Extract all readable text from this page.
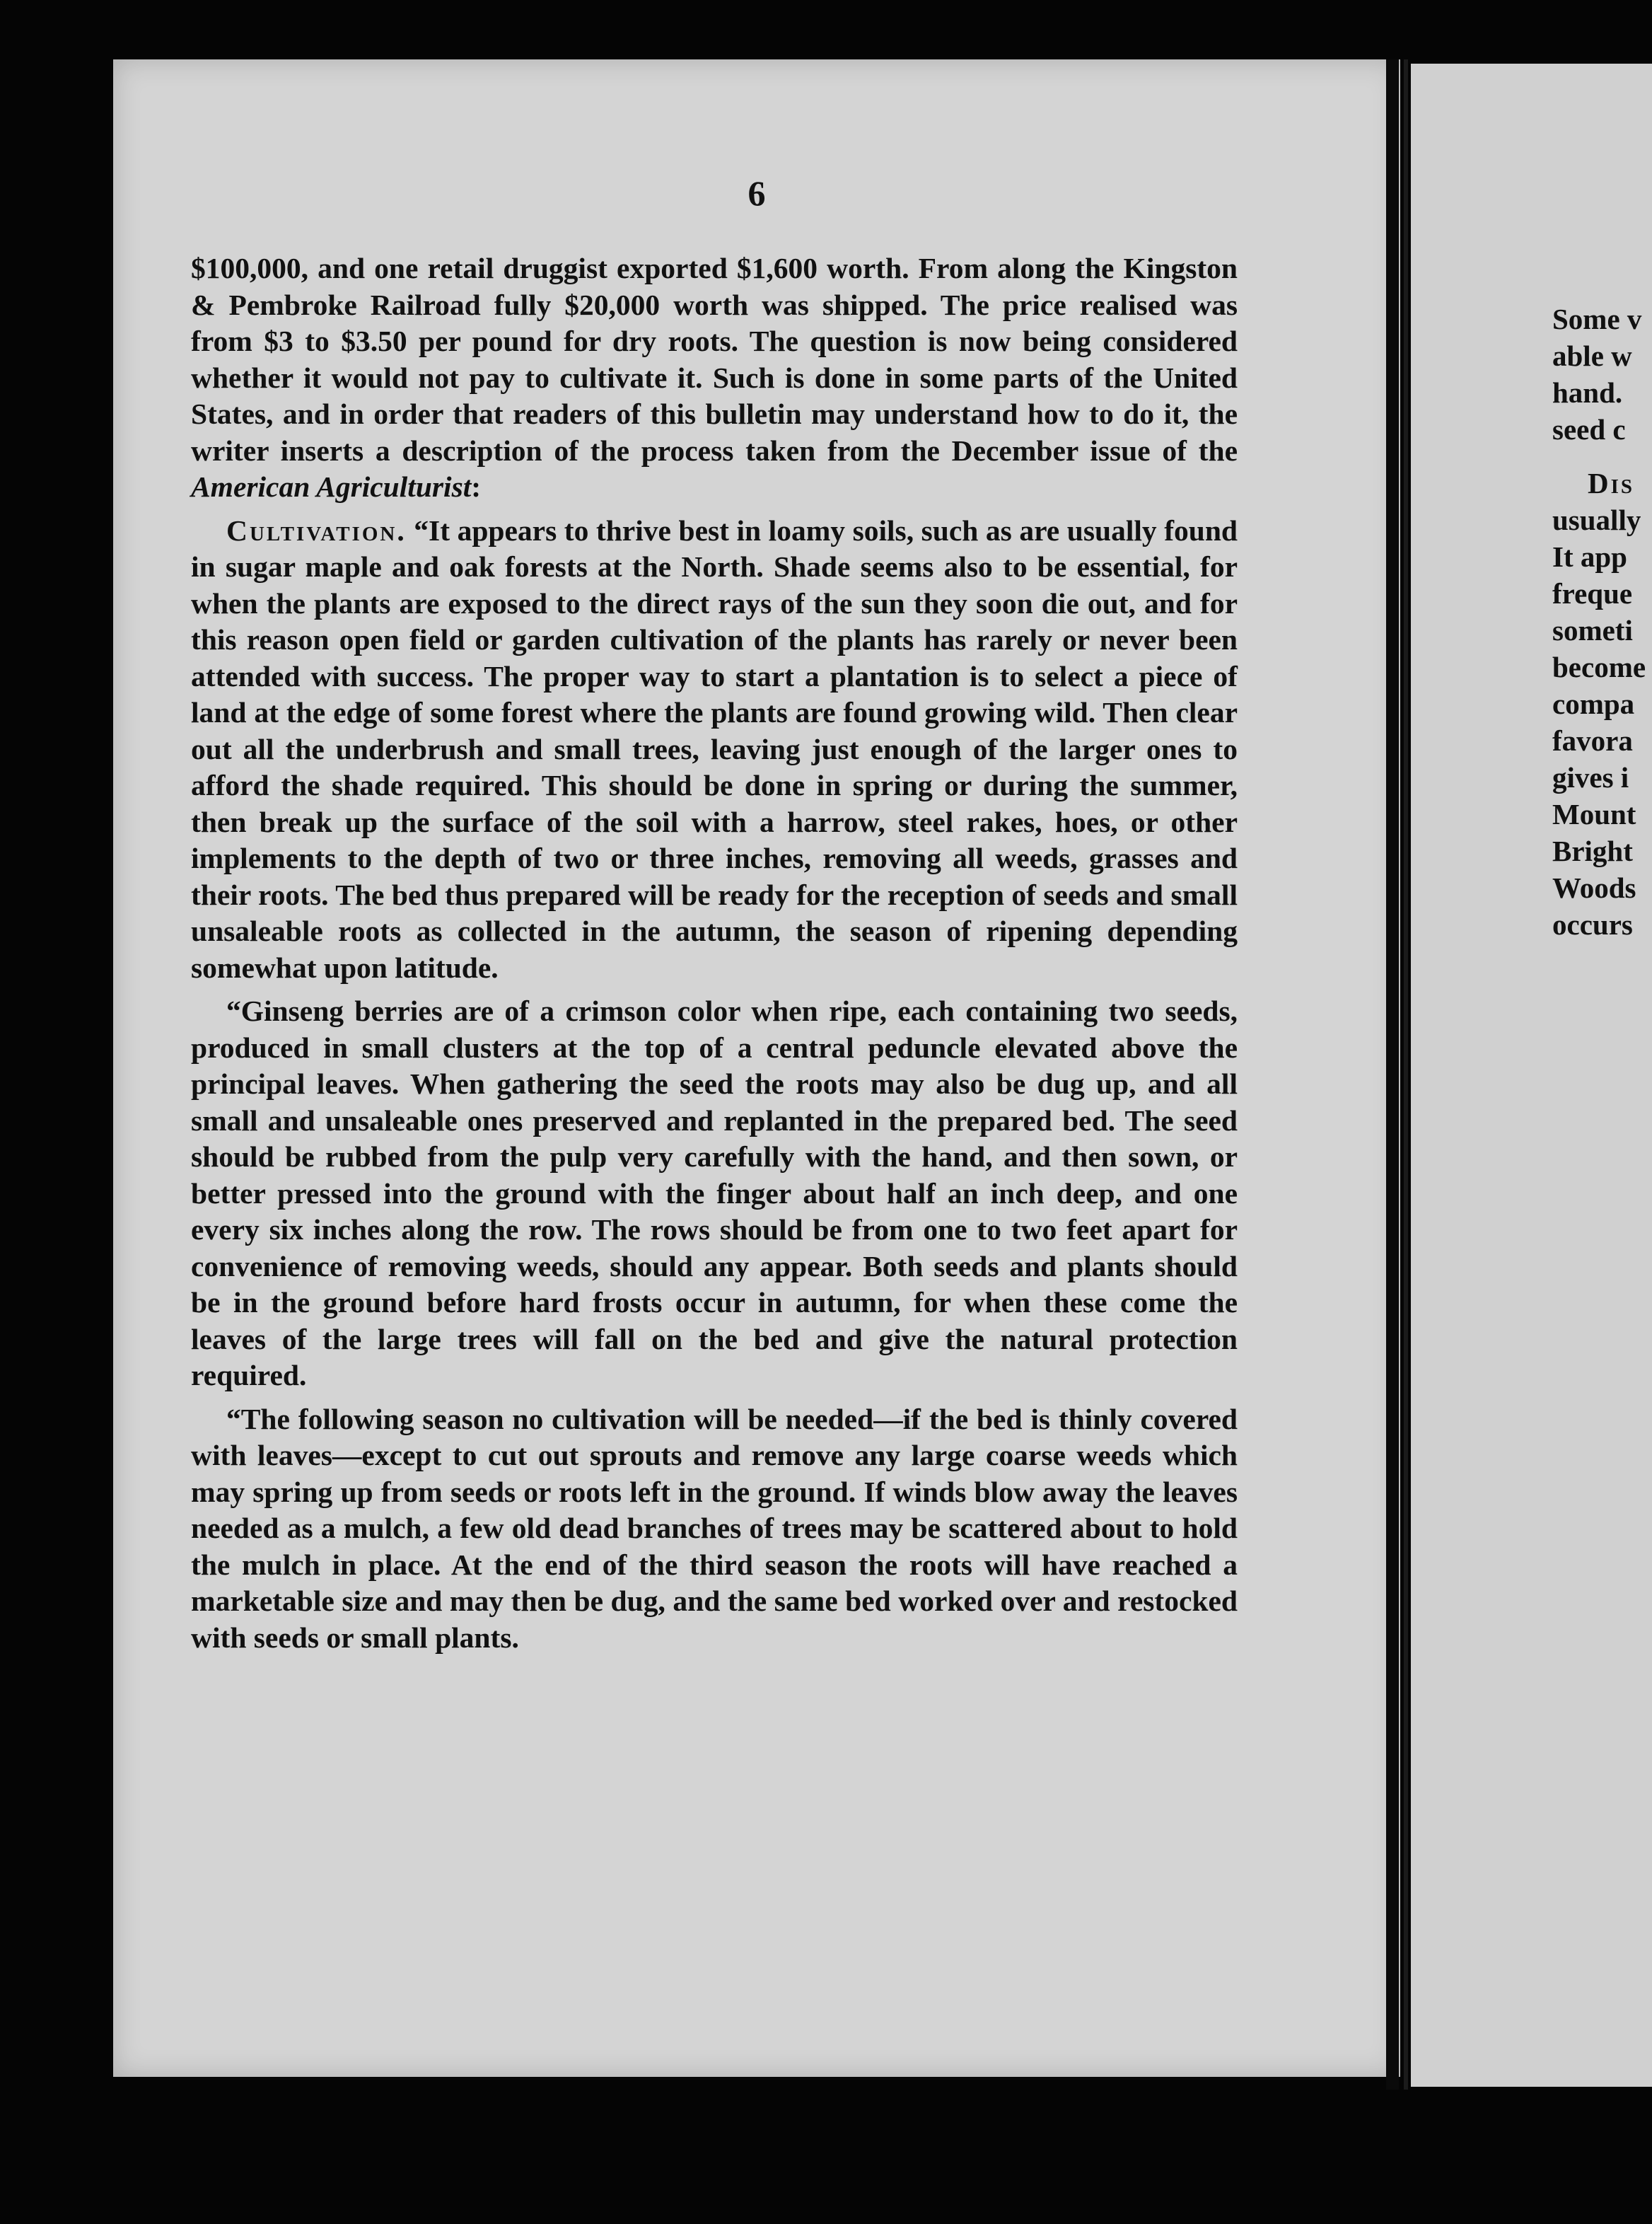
6

$100,000, and one retail druggist exported $1,600 worth. From along the Kingston & Pembroke Railroad fully $20,000 worth was shipped. The price realised was from $3 to $3.50 per pound for dry roots. The question is now being considered whether it would not pay to cultivate it. Such is done in some parts of the United States, and in order that readers of this bulletin may understand how to do it, the writer inserts a description of the process taken from the December issue of the American Agriculturist:

Cultivation. “It appears to thrive best in loamy soils, such as are usually found in sugar maple and oak forests at the North. Shade seems also to be essential, for when the plants are exposed to the direct rays of the sun they soon die out, and for this reason open field or garden cultivation of the plants has rarely or never been attended with success. The proper way to start a plantation is to select a piece of land at the edge of some forest where the plants are found growing wild. Then clear out all the underbrush and small trees, leaving just enough of the larger ones to afford the shade required. This should be done in spring or during the summer, then break up the surface of the soil with a harrow, steel rakes, hoes, or other implements to the depth of two or three inches, removing all weeds, grasses and their roots. The bed thus prepared will be ready for the reception of seeds and small unsaleable roots as collected in the autumn, the season of ripening depending somewhat upon latitude.

“Ginseng berries are of a crimson color when ripe, each containing two seeds, produced in small clusters at the top of a central peduncle elevated above the principal leaves. When gathering the seed the roots may also be dug up, and all small and unsaleable ones preserved and replanted in the prepared bed. The seed should be rubbed from the pulp very carefully with the hand, and then sown, or better pressed into the ground with the finger about half an inch deep, and one every six inches along the row. The rows should be from one to two feet apart for convenience of removing weeds, should any appear. Both seeds and plants should be in the ground before hard frosts occur in autumn, for when these come the leaves of the large trees will fall on the bed and give the natural protection required.

“The following season no cultivation will be needed—if the bed is thinly covered with leaves—except to cut out sprouts and remove any large coarse weeds which may spring up from seeds or roots left in the ground. If winds blow away the leaves needed as a mulch, a few old dead branches of trees may be scattered about to hold the mulch in place. At the end of the third season the roots will have reached a marketable size and may then be dug, and the same bed worked over and restocked with seeds or small plants.

Some v
able w
hand.
seed c
Dis
usually
It app
freque
someti
become
compa
favora
gives i
Mount
Bright
Woods
occurs
